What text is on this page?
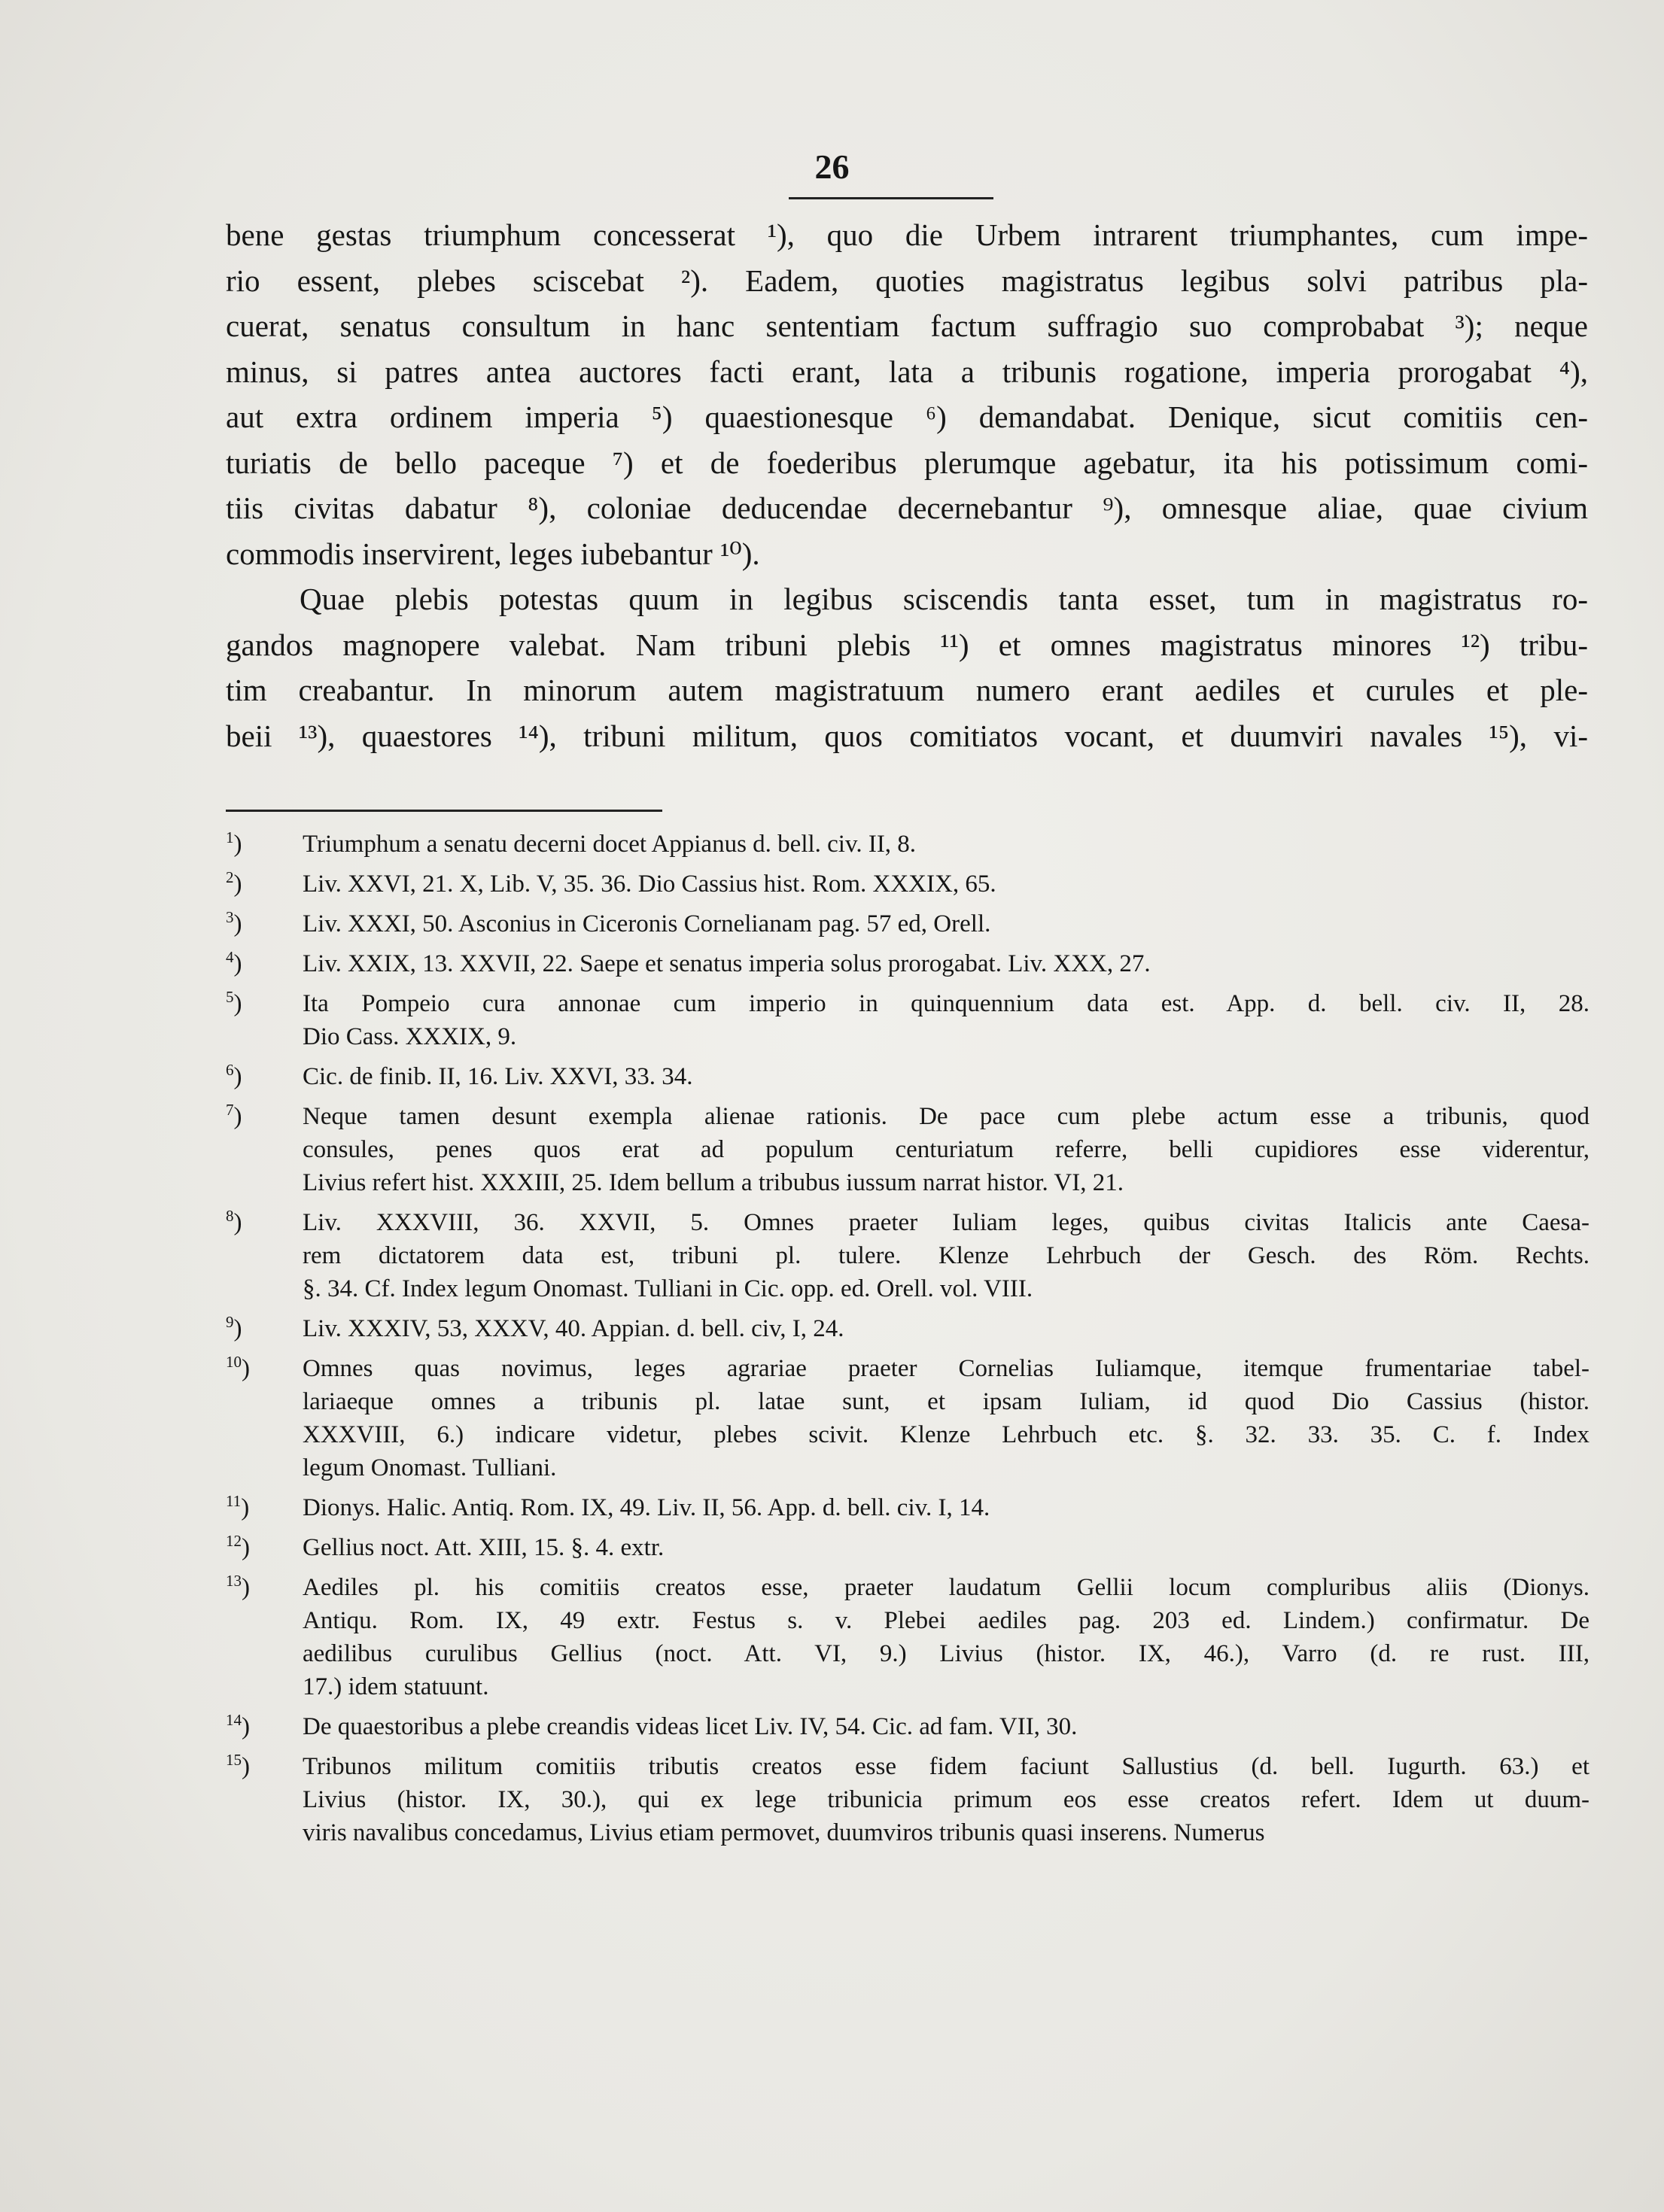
26
bene gestas triumphum concesserat ¹), quo die Urbem intrarent triumphantes, cum impe-
rio essent, plebes sciscebat ²). Eadem, quoties magistratus legibus solvi patribus pla-
cuerat, senatus consultum in hanc sententiam factum suffragio suo comprobabat ³); neque
minus, si patres antea auctores facti erant, lata a tribunis rogatione, imperia prorogabat ⁴),
aut extra ordinem imperia ⁵) quaestionesque ⁶) demandabat. Denique, sicut comitiis cen-
turiatis de bello paceque ⁷) et de foederibus plerumque agebatur, ita his potissimum comi-
tiis civitas dabatur ⁸), coloniae deducendae decernebantur ⁹), omnesque aliae, quae civium
commodis inservirent, leges iubebantur ¹⁰).
Quae plebis potestas quum in legibus sciscendis tanta esset, tum in magistratus ro-
gandos magnopere valebat. Nam tribuni plebis ¹¹) et omnes magistratus minores ¹²) tribu-
tim creabantur. In minorum autem magistratuum numero erant aediles et curules et ple-
beii ¹³), quaestores ¹⁴), tribuni militum, quos comitiatos vocant, et duumviri navales ¹⁵), vi-
$^1$)	Triumphum a senatu decerni docet Appianus d. bell. civ. II, 8.
$^2$)	Liv. XXVI, 21. X, Lib. V, 35. 36. Dio Cassius hist. Rom. XXXIX, 65.
$^3$)	Liv. XXXI, 50. Asconius in Ciceronis Cornelianam pag. 57 ed, Orell.
$^4$)	Liv. XXIX, 13. XXVII, 22. Saepe et senatus imperia solus prorogabat. Liv. XXX, 27.
$^5$)	Ita Pompeio cura annonae cum imperio in quinquennium data est. App. d. bell. civ. II, 28.
Dio Cass. XXXIX, 9.
$^6$)	Cic. de finib. II, 16. Liv. XXVI, 33. 34.
$^7$)	Neque tamen desunt exempla alienae rationis. De pace cum plebe actum esse a tribunis, quod
consules, penes quos erat ad populum centuriatum referre, belli cupidiores esse viderentur,
Livius refert hist. XXXIII, 25. Idem bellum a tribubus iussum narrat histor. VI, 21.
$^8$)	Liv. XXXVIII, 36. XXVII, 5. Omnes praeter Iuliam leges, quibus civitas Italicis ante Caesa-
rem dictatorem data est, tribuni pl. tulere. Klenze Lehrbuch der Gesch. des Röm. Rechts.
§. 34. Cf. Index legum Onomast. Tulliani in Cic. opp. ed. Orell. vol. VIII.
$^9$)	Liv. XXXIV, 53, XXXV, 40. Appian. d. bell. civ, I, 24.
$^{10}$)	Omnes quas novimus, leges agrariae praeter Cornelias Iuliamque, itemque frumentariae tabel-
lariaeque omnes a tribunis pl. latae sunt, et ipsam Iuliam, id quod Dio Cassius (histor.
XXXVIII, 6.) indicare videtur, plebes scivit. Klenze Lehrbuch etc. §. 32. 33. 35. C. f. Index
legum Onomast. Tulliani.
$^{11}$)	Dionys. Halic. Antiq. Rom. IX, 49. Liv. II, 56. App. d. bell. civ. I, 14.
$^{12}$)	Gellius noct. Att. XIII, 15. §. 4. extr.
$^{13}$)	Aediles pl. his comitiis creatos esse, praeter laudatum Gellii locum compluribus aliis (Dionys.
Antiqu. Rom. IX, 49 extr. Festus s. v. Plebei aediles pag. 203 ed. Lindem.) confirmatur. De
aedilibus curulibus Gellius (noct. Att. VI, 9.) Livius (histor. IX, 46.), Varro (d. re rust. III,
17.) idem statuunt.
$^{14}$)	De quaestoribus a plebe creandis videas licet Liv. IV, 54. Cic. ad fam. VII, 30.
$^{15}$)	Tribunos militum comitiis tributis creatos esse fidem faciunt Sallustius (d. bell. Iugurth. 63.) et
Livius (histor. IX, 30.), qui ex lege tribunicia primum eos esse creatos refert. Idem ut duum-
viris navalibus concedamus, Livius etiam permovet, duumviros tribunis quasi inserens. Numerus
